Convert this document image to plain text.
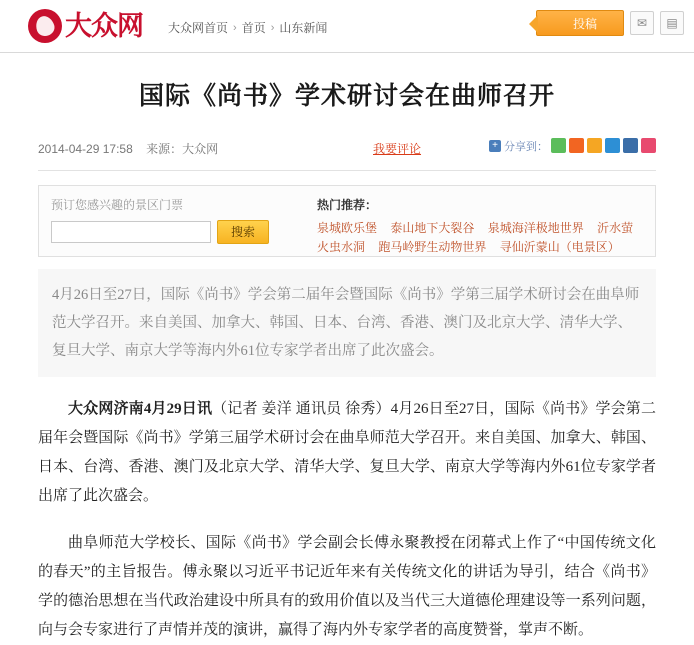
大众网 大众网首页 › 首页 › 山东新闻	投稿	✉	▤
国际《尚书》学术研讨会在曲师召开
2014-04-29 17:58 来源：大众网	我要评论	+ 分享到：
预订您感兴趣的景区门票
搜索
热门推荐：
泉城欧乐堡 泰山地下大裂谷 泉城海洋极地世界 沂水萤火虫水洞 跑马岭野生动物世界 寻仙沂蒙山（电景区）
4月26日至27日，国际《尚书》学会第二届年会暨国际《尚书》学第三届学术研讨会在曲阜师范大学召开。来自美国、加拿大、韩国、日本、台湾、香港、澳门及北京大学、清华大学、复旦大学、南京大学等海内外61位专家学者出席了此次盛会。

大众网济南4月29日讯（记者 姜洋 通讯员 徐秀）4月26日至27日，国际《尚书》学会第二届年会暨国际《尚书》学第三届学术研讨会在曲阜师范大学召开。来自美国、加拿大、韩国、日本、台湾、香港、澳门及北京大学、清华大学、复旦大学、南京大学等海内外61位专家学者出席了此次盛会。

曲阜师范大学校长、国际《尚书》学会副会长傅永聚教授在闭幕式上作了“中国传统文化的春天”的主旨报告。傅永聚以习近平书记近年来有关传统文化的讲话为导引，结合《尚书》学的德治思想在当代政治建设中所具有的致用价值以及当代三大道德伦理建设等一系列问题，向与会专家进行了声情并茂的演讲，赢得了海内外专家学者的高度赞誉，掌声不断。
